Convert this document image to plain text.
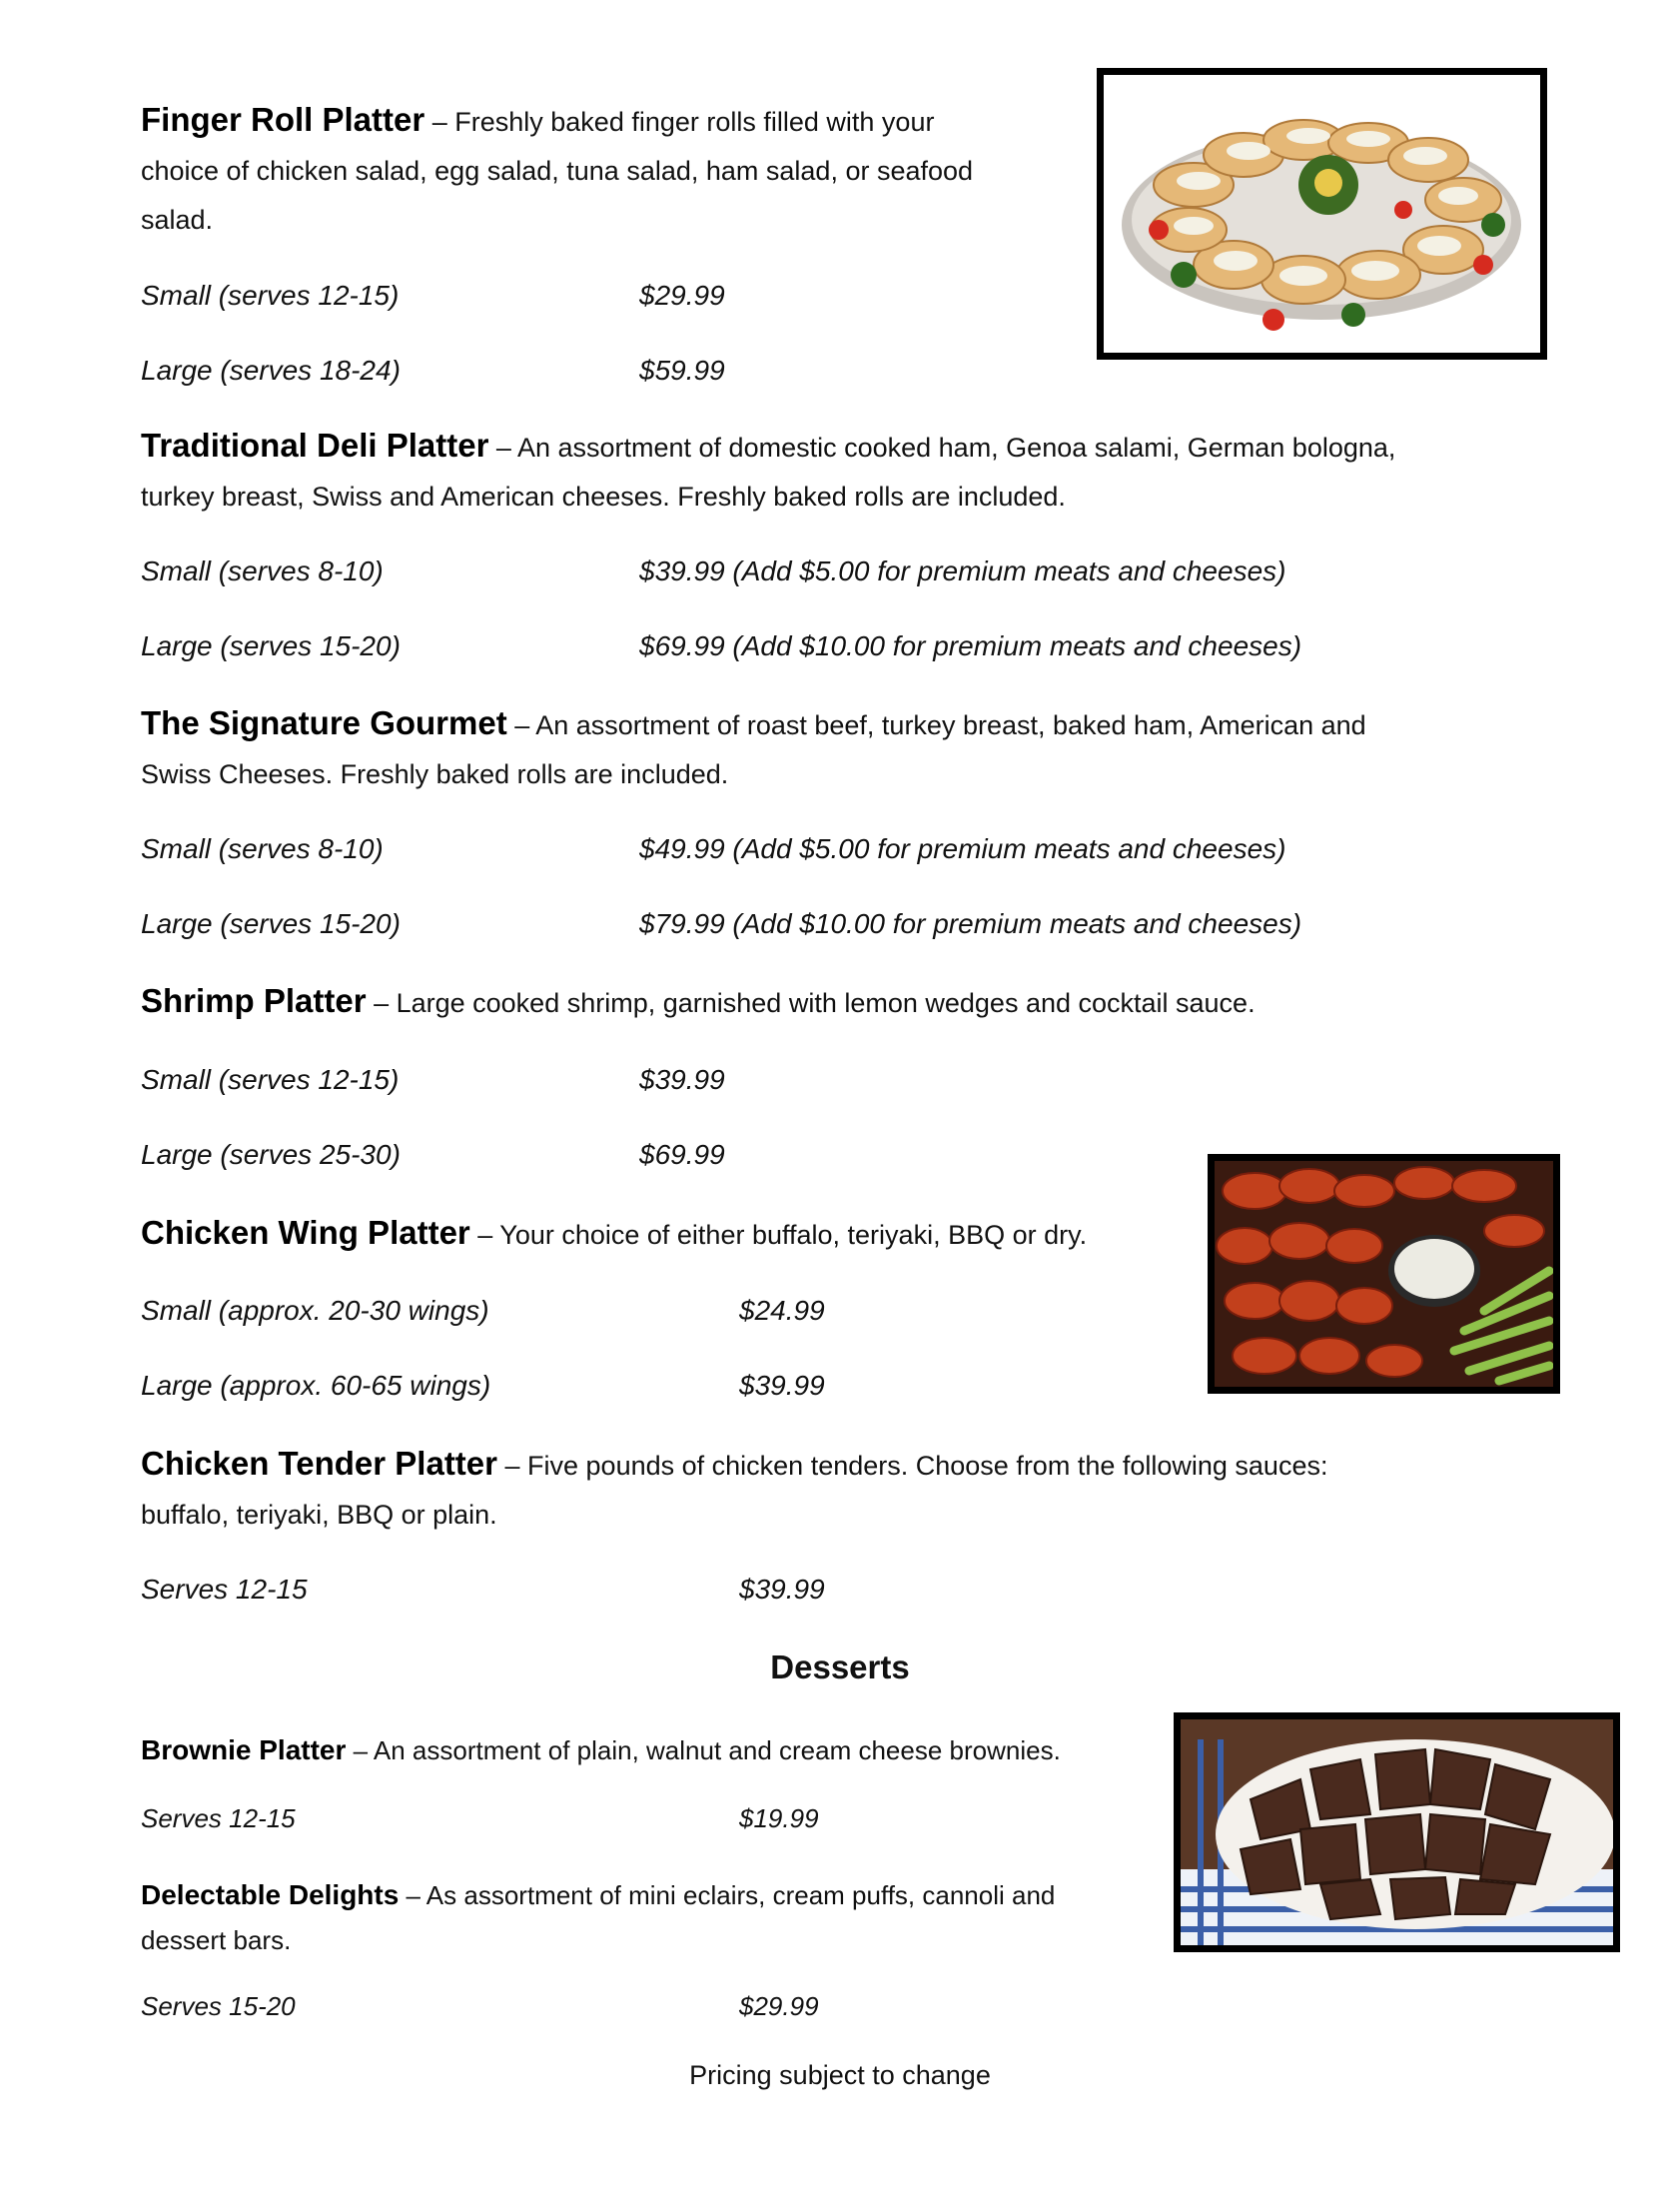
Finger Roll Platter – Freshly baked finger rolls filled with your
choice of chicken salad, egg salad, tuna salad, ham salad, or seafood
salad.
Small (serves 12-15)	$29.99
Large (serves 18-24)	$59.99
Traditional Deli Platter – An assortment of domestic cooked ham, Genoa salami, German bologna,
turkey breast, Swiss and American cheeses. Freshly baked rolls are included.
Small (serves 8-10)	$39.99 (Add $5.00 for premium meats and cheeses)
Large (serves 15-20)	$69.99 (Add $10.00 for premium meats and cheeses)
The Signature Gourmet – An assortment of roast beef, turkey breast, baked ham, American and
Swiss Cheeses. Freshly baked rolls are included.
Small (serves 8-10)	$49.99 (Add $5.00 for premium meats and cheeses)
Large (serves 15-20)	$79.99 (Add $10.00 for premium meats and cheeses)
Shrimp Platter – Large cooked shrimp, garnished with lemon wedges and cocktail sauce.
Small (serves 12-15)	$39.99
Large (serves 25-30)	$69.99
Chicken Wing Platter – Your choice of either buffalo, teriyaki, BBQ or dry.
Small (approx. 20-30 wings)	$24.99
Large (approx. 60-65 wings)	$39.99
Chicken Tender Platter – Five pounds of chicken tenders. Choose from the following sauces:
buffalo, teriyaki, BBQ or plain.
Serves 12-15	$39.99
Desserts
Brownie Platter – An assortment of plain, walnut and cream cheese brownies.
Serves 12-15	$19.99
Delectable Delights – As assortment of mini eclairs, cream puffs, cannoli and
dessert bars.
Serves 15-20	$29.99
Pricing subject to change
